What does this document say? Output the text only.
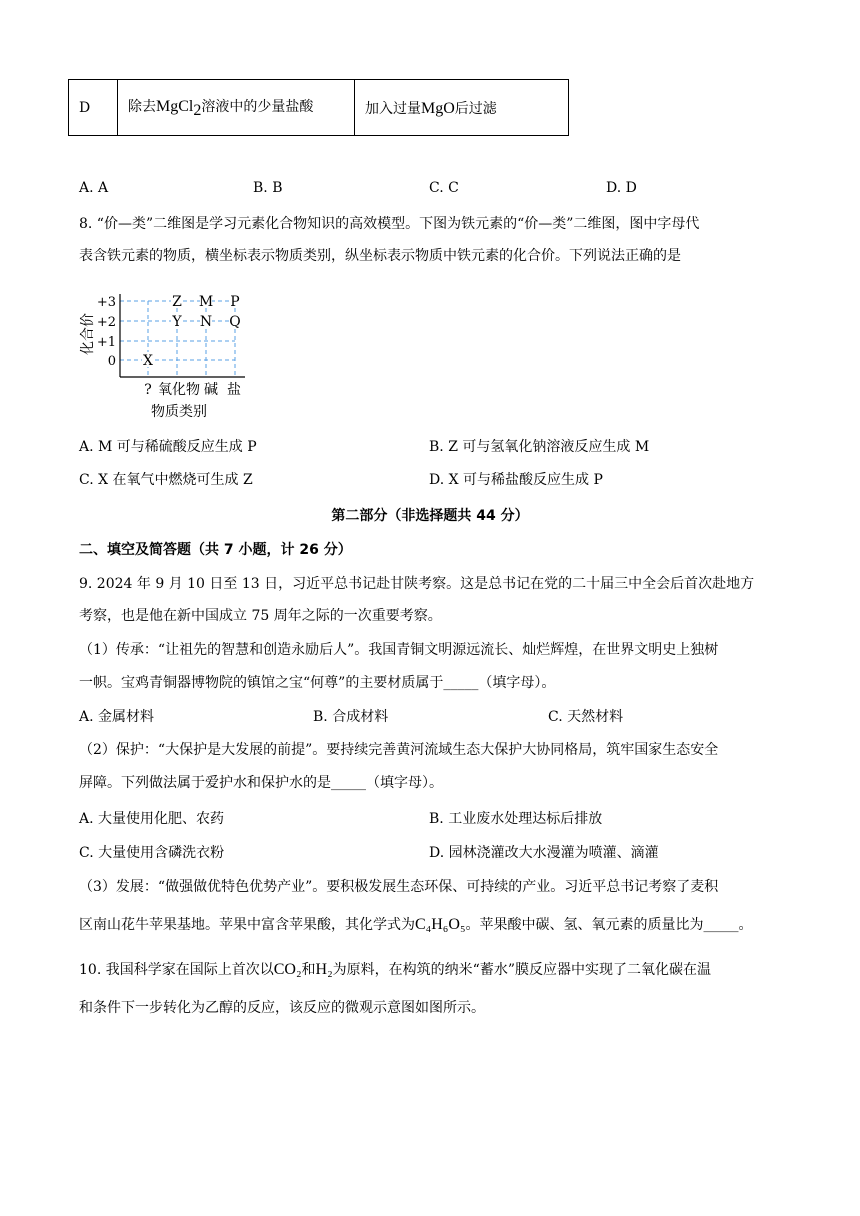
D	除去MgCl$_2$溶液中的少量盐酸	加入过量MgO后过滤
A. A	B. B	C. C	D. D
8. “价—类”二维图是学习元素化合物知识的高效模型。下图为铁元素的“价—类”二维图，图中字母代
表含铁元素的物质，横坐标表示物质类别，纵坐标表示物质中铁元素的化合价。下列说法正确的是
化合价
0
+1
+2
+3
? 氧化物 碱 盐
X
Y
Z
N
M
Q
P
物质类别
A. M 可与稀硫酸反应生成 P	B. Z 可与氢氧化钠溶液反应生成 M
C. X 在氧气中燃烧可生成 Z	D. X 可与稀盐酸反应生成 P
第二部分（非选择题共 44 分）
二、填空及简答题（共 7 小题，计 26 分）
9. 2024 年 9 月 10 日至 13 日，习近平总书记赴甘陕考察。这是总书记在党的二十届三中全会后首次赴地方
考察，也是他在新中国成立 75 周年之际的一次重要考察。
（1）传承：“让祖先的智慧和创造永励后人”。我国青铜文明源远流长、灿烂辉煌，在世界文明史上独树
一帜。宝鸡青铜器博物院的镇馆之宝“何尊”的主要材质属于_____（填字母）。
A. 金属材料	B. 合成材料	C. 天然材料
（2）保护：“大保护是大发展的前提”。要持续完善黄河流域生态大保护大协同格局，筑牢国家生态安全
屏障。下列做法属于爱护水和保护水的是_____（填字母）。
A. 大量使用化肥、农药	B. 工业废水处理达标后排放
C. 大量使用含磷洗衣粉	D. 园林浇灌改大水漫灌为喷灌、滴灌
（3）发展：“做强做优特色优势产业”。要积极发展生态环保、可持续的产业。习近平总书记考察了麦积
区南山花牛苹果基地。苹果中富含苹果酸，其化学式为C₄H₆O₅。苹果酸中碳、氢、氧元素的质量比为_____。
10. 我国科学家在国际上首次以CO₂和H₂为原料，在构筑的纳米“蓄水”膜反应器中实现了二氧化碳在温
和条件下一步转化为乙醇的反应，该反应的微观示意图如图所示。
